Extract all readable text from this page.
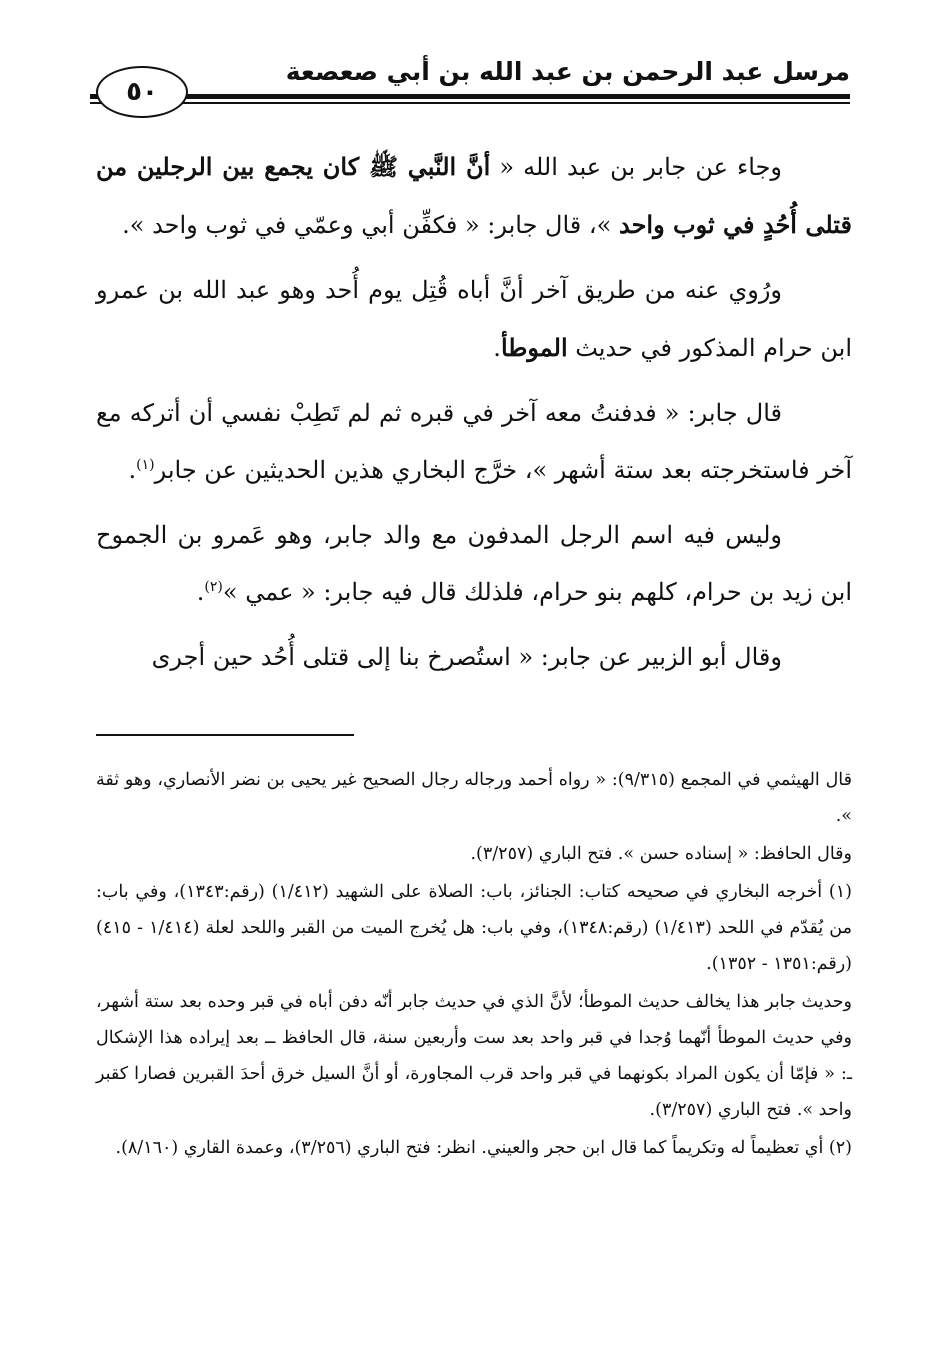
مرسل عبد الرحمن بن عبد الله بن أبي صعصعة
٥٠

وجاء عن جابر بن عبد الله « أنَّ النَّبي ﷺ كان يجمع بين الرجلين من قتلى أُحُدٍ في ثوب واحد »، قال جابر: « فكفِّن أبي وعمّي في ثوب واحد ».

ورُوي عنه من طريق آخر أنَّ أباه قُتِل يوم أُحد وهو عبد الله بن عمرو ابن حرام المذكور في حديث الموطأ.

قال جابر: « فدفنتُ معه آخر في قبره ثم لم تَطِبْ نفسي أن أتركه مع آخر فاستخرجته بعد ستة أشهر »، خرَّج البخاري هذين الحديثين عن جابر$^{(١)}$.

وليس فيه اسم الرجل المدفون مع والد جابر، وهو عَمرو بن الجموح ابن زيد بن حرام، كلهم بنو حرام، فلذلك قال فيه جابر: « عمي »$^{(٢)}$.

وقال أبو الزبير عن جابر: « استُصرخ بنا إلى قتلى أُحُد حين أجرى

قال الهيثمي في المجمع (٩/٣١٥): « رواه أحمد ورجاله رجال الصحيح غير يحيى بن نضر الأنصاري، وهو ثقة ».

وقال الحافظ: « إسناده حسن ». فتح الباري (٣/٢٥٧).

(١) أخرجه البخاري في صحيحه كتاب: الجنائز، باب: الصلاة على الشهيد (١/٤١٢) (رقم:١٣٤٣)، وفي باب: من يُقدّم في اللحد (١/٤١٣) (رقم:١٣٤٨)، وفي باب: هل يُخرج الميت من القبر واللحد لعلة (١/٤١٤ - ٤١٥) (رقم:١٣٥١ - ١٣٥٢).

وحديث جابر هذا يخالف حديث الموطأ؛ لأنَّ الذي في حديث جابر أنّه دفن أباه في قبر وحده بعد ستة أشهر، وفي حديث الموطأ أنّهما وُجدا في قبر واحد بعد ست وأربعين سنة، قال الحافظ ــ بعد إيراده هذا الإشكال ـ: « فإمّا أن يكون المراد بكونهما في قبر واحد قرب المجاورة، أو أنَّ السيل خرق أحدَ القبرين فصارا كقبر واحد ». فتح الباري (٣/٢٥٧).

(٢) أي تعظيماً له وتكريماً كما قال ابن حجر والعيني. انظر: فتح الباري (٣/٢٥٦)، وعمدة القاري (٨/١٦٠).
